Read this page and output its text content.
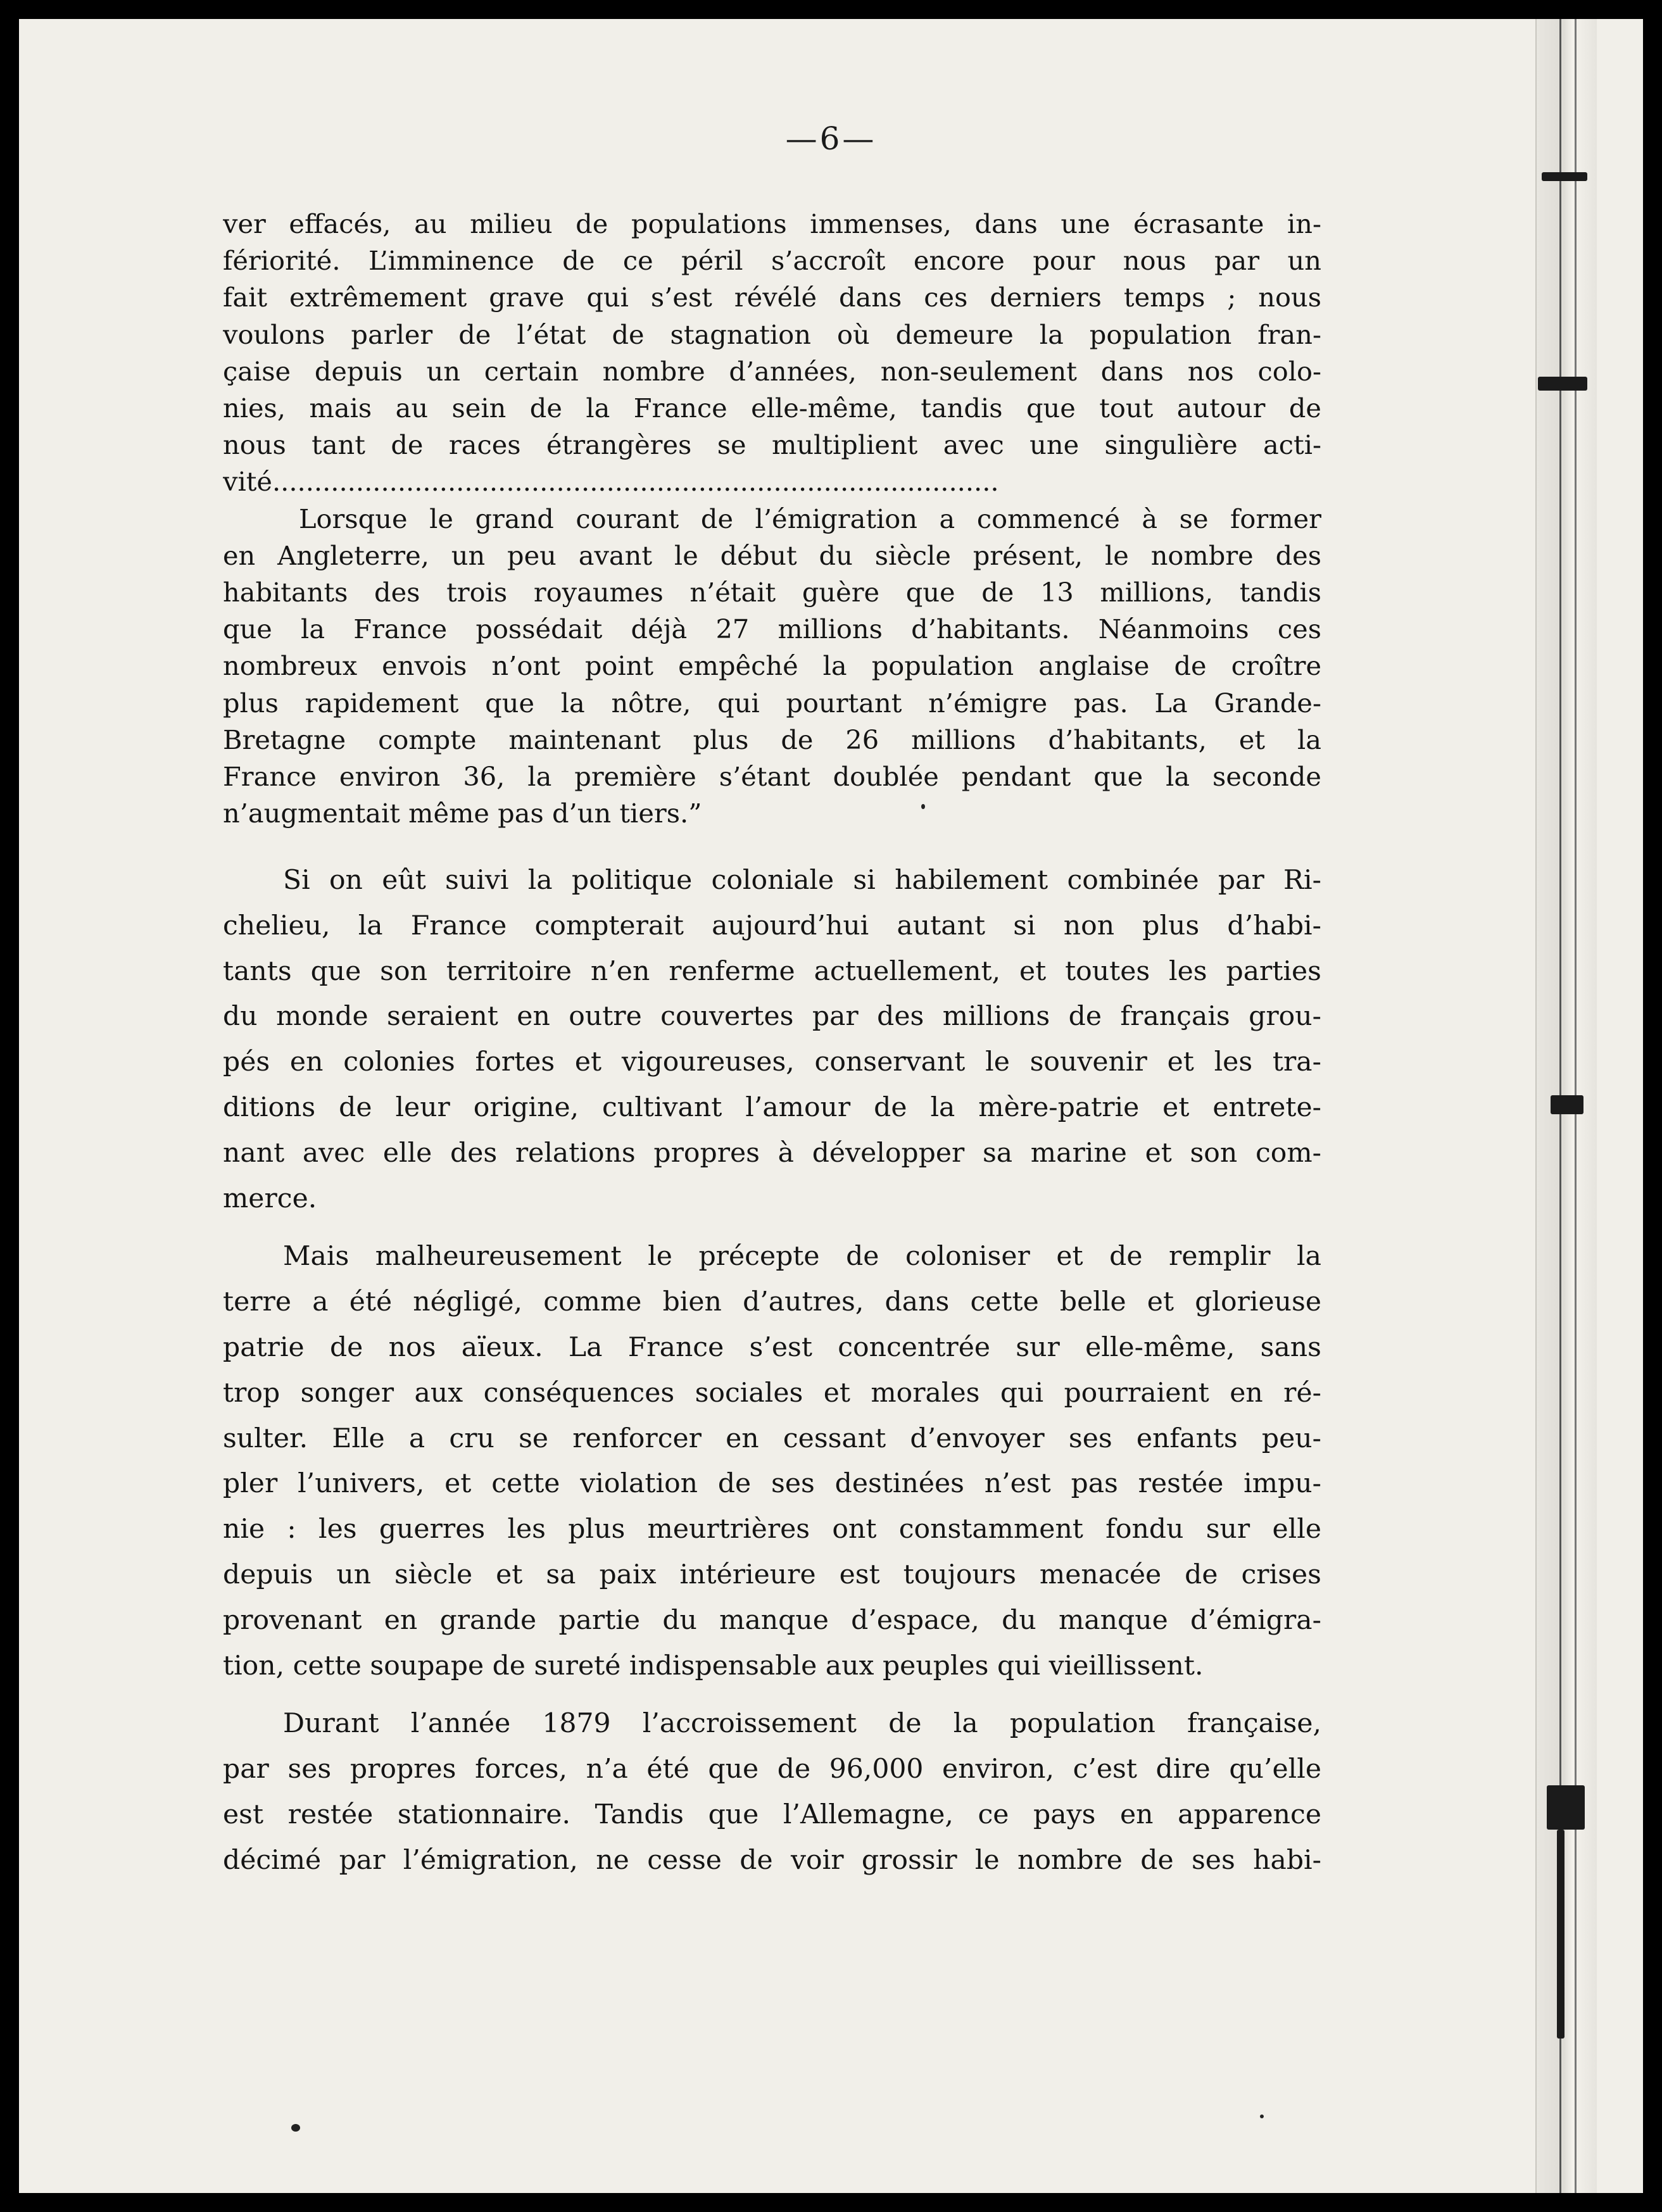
—6—
ver effacés, au milieu de populations immenses, dans une écrasante in-
fériorité. L’imminence de ce péril s’accroît encore pour nous par un
fait extrêmement grave qui s’est révélé dans ces derniers temps ; nous
voulons parler de l’état de stagnation où demeure la population fran-
çaise depuis un certain nombre d’années, non-seulement dans nos colo-
nies, mais au sein de la France elle-même, tandis que tout autour de
nous tant de races étrangères se multiplient avec une singulière acti-
vité.......................................................................................
Lorsque le grand courant de l’émigration a commencé à se former
en Angleterre, un peu avant le début du siècle présent, le nombre des
habitants des trois royaumes n’était guère que de 13 millions, tandis
que la France possédait déjà 27 millions d’habitants. Néanmoins ces
nombreux envois n’ont point empêché la population anglaise de croître
plus rapidement que la nôtre, qui pourtant n’émigre pas. La Grande-
Bretagne compte maintenant plus de 26 millions d’habitants, et la
France environ 36, la première s’étant doublée pendant que la seconde
n’augmentait même pas d’un tiers.”
Si on eût suivi la politique coloniale si habilement combinée par Ri-
chelieu, la France compterait aujourd’hui autant si non plus d’habi-
tants que son territoire n’en renferme actuellement, et toutes les parties
du monde seraient en outre couvertes par des millions de français grou-
pés en colonies fortes et vigoureuses, conservant le souvenir et les tra-
ditions de leur origine, cultivant l’amour de la mère-patrie et entrete-
nant avec elle des relations propres à développer sa marine et son com-
merce.
Mais malheureusement le précepte de coloniser et de remplir la
terre a été négligé, comme bien d’autres, dans cette belle et glorieuse
patrie de nos aïeux. La France s’est concentrée sur elle-même, sans
trop songer aux conséquences sociales et morales qui pourraient en ré-
sulter. Elle a cru se renforcer en cessant d’envoyer ses enfants peu-
pler l’univers, et cette violation de ses destinées n’est pas restée impu-
nie : les guerres les plus meurtrières ont constamment fondu sur elle
depuis un siècle et sa paix intérieure est toujours menacée de crises
provenant en grande partie du manque d’espace, du manque d’émigra-
tion, cette soupape de sureté indispensable aux peuples qui vieillissent.
Durant l’année 1879 l’accroissement de la population française,
par ses propres forces, n’a été que de 96,000 environ, c’est dire qu’elle
est restée stationnaire. Tandis que l’Allemagne, ce pays en apparence
décimé par l’émigration, ne cesse de voir grossir le nombre de ses habi-
